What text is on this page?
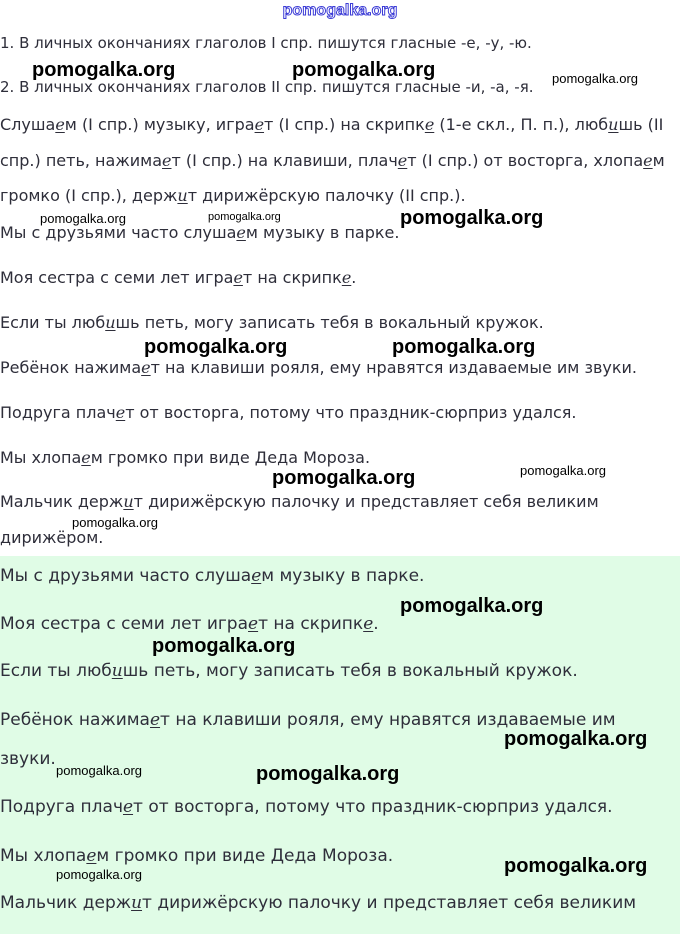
pomogalka.org
1. В личных окончаниях глаголов I спр. пишутся гласные -е, -у, -ю.
2. В личных окончаниях глаголов II спр. пишутся гласные -и, -а, -я.
Слушаем (I спр.) музыку, играет (I спр.) на скрипке (1-е скл., П. п.), любишь (II
спр.) петь, нажимает (I спр.) на клавиши, плачет (I спр.) от восторга, хлопаем
громко (I спр.), держит дирижёрскую палочку (II спр.).
Мы с друзьями часто слушаем музыку в парке.
Моя сестра с семи лет играет на скрипке.
Если ты любишь петь, могу записать тебя в вокальный кружок.
Ребёнок нажимает на клавиши рояля, ему нравятся издаваемые им звуки.
Подруга плачет от восторга, потому что праздник-сюрприз удался.
Мы хлопаем громко при виде Деда Мороза.
Мальчик держит дирижёрскую палочку и представляет себя великим
дирижёром.
Мы с друзьями часто слушаем музыку в парке.
Моя сестра с семи лет играет на скрипке.
Если ты любишь петь, могу записать тебя в вокальный кружок.
Ребёнок нажимает на клавиши рояля, ему нравятся издаваемые им
звуки.
Подруга плачет от восторга, потому что праздник-сюрприз удался.
Мы хлопаем громко при виде Деда Мороза.
Мальчик держит дирижёрскую палочку и представляет себя великим
pomogalka.org	pomogalka.org	pomogalka.org
pomogalka.org	pomogalka.org	pomogalka.org
pomogalka.org	pomogalka.org
pomogalka.org	pomogalka.org
pomogalka.org
pomogalka.org
pomogalka.org
pomogalka.org
pomogalka.org	pomogalka.org
pomogalka.org
pomogalka.org
